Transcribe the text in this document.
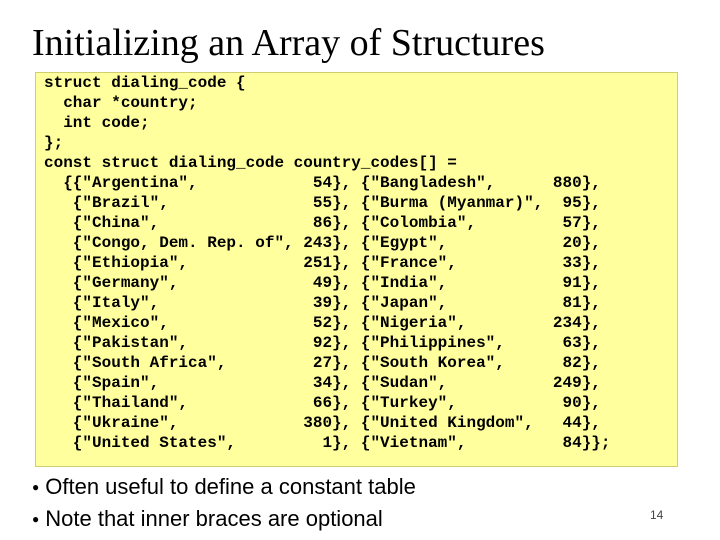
Initializing an Array of Structures
struct dialing_code {
char *country;
int code;
};
const struct dialing_code country_codes[] =
{{"Argentina",            54}, {"Bangladesh",      880},
{"Brazil",               55}, {"Burma (Myanmar)",  95},
{"China",                86}, {"Colombia",         57},
{"Congo, Dem. Rep. of", 243}, {"Egypt",            20},
{"Ethiopia",            251}, {"France",           33},
{"Germany",              49}, {"India",            91},
{"Italy",                39}, {"Japan",            81},
{"Mexico",               52}, {"Nigeria",         234},
{"Pakistan",             92}, {"Philippines",      63},
{"South Africa",         27}, {"South Korea",      82},
{"Spain",                34}, {"Sudan",           249},
{"Thailand",             66}, {"Turkey",           90},
{"Ukraine",             380}, {"United Kingdom",   44},
{"United States",         1}, {"Vietnam",          84}};
● Often useful to define a constant table
● Note that inner braces are optional	14
